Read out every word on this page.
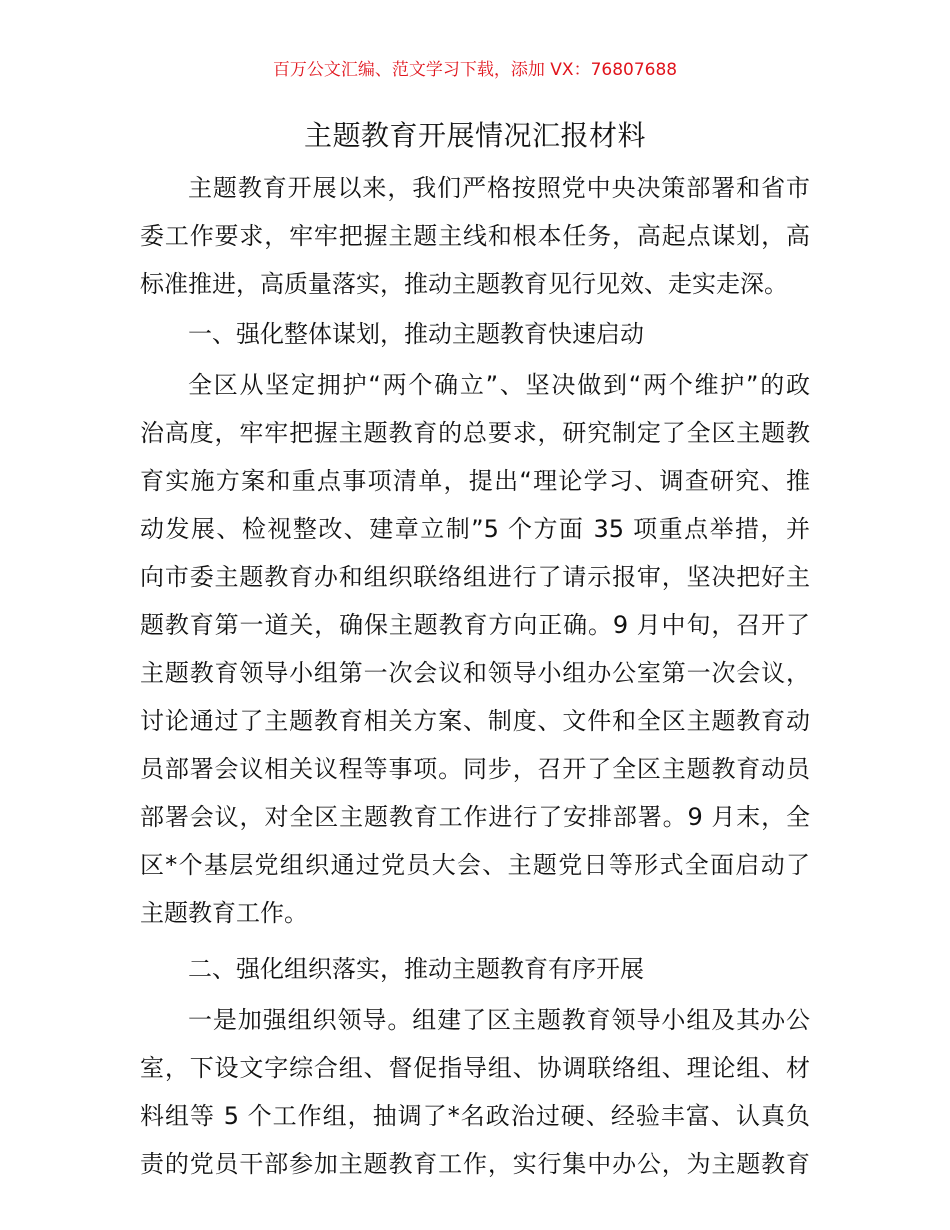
百万公文汇编、范文学习下载，添加 VX：76807688
主题教育开展情况汇报材料
主题教育开展以来，我们严格按照党中央决策部署和省市
委工作要求，牢牢把握主题主线和根本任务，高起点谋划，高
标准推进，高质量落实，推动主题教育见行见效、走实走深。
一、强化整体谋划，推动主题教育快速启动
全区从坚定拥护“两个确立”、坚决做到“两个维护”的政
治高度，牢牢把握主题教育的总要求，研究制定了全区主题教
育实施方案和重点事项清单，提出“理论学习、调查研究、推
动发展、检视整改、建章立制”5 个方面 35 项重点举措，并
向市委主题教育办和组织联络组进行了请示报审，坚决把好主
题教育第一道关，确保主题教育方向正确。9 月中旬，召开了
主题教育领导小组第一次会议和领导小组办公室第一次会议，
讨论通过了主题教育相关方案、制度、文件和全区主题教育动
员部署会议相关议程等事项。同步，召开了全区主题教育动员
部署会议，对全区主题教育工作进行了安排部署。9 月末，全
区*个基层党组织通过党员大会、主题党日等形式全面启动了
主题教育工作。
二、强化组织落实，推动主题教育有序开展
一是加强组织领导。组建了区主题教育领导小组及其办公
室，下设文字综合组、督促指导组、协调联络组、理论组、材
料组等 5 个工作组，抽调了*名政治过硬、经验丰富、认真负
责的党员干部参加主题教育工作，实行集中办公，为主题教育
